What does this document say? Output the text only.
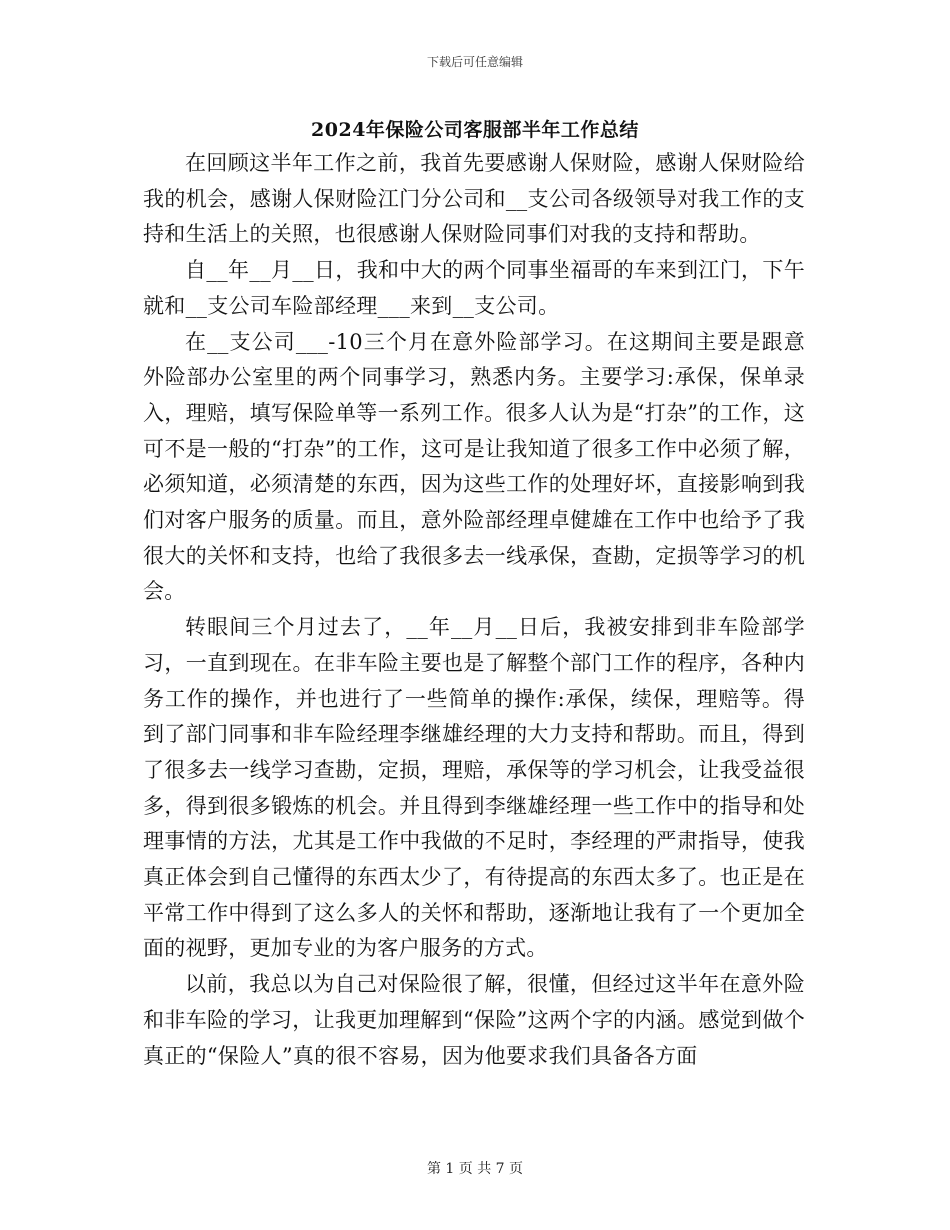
下载后可任意编辑
2024年保险公司客服部半年工作总结

在回顾这半年工作之前，我首先要感谢人保财险，感谢人保财险给我的机会，感谢人保财险江门分公司和__支公司各级领导对我工作的支持和生活上的关照，也很感谢人保财险同事们对我的支持和帮助。

自__年__月__日，我和中大的两个同事坐福哥的车来到江门，下午就和__支公司车险部经理___来到__支公司。

在__支公司___-10三个月在意外险部学习。在这期间主要是跟意外险部办公室里的两个同事学习，熟悉内务。主要学习:承保，保单录入，理赔，填写保险单等一系列工作。很多人认为是“打杂”的工作，这可不是一般的“打杂”的工作，这可是让我知道了很多工作中必须了解，必须知道，必须清楚的东西，因为这些工作的处理好坏，直接影响到我们对客户服务的质量。而且，意外险部经理卓健雄在工作中也给予了我很大的关怀和支持，也给了我很多去一线承保，查勘，定损等学习的机会。

转眼间三个月过去了，__年__月__日后，我被安排到非车险部学习，一直到现在。在非车险主要也是了解整个部门工作的程序，各种内务工作的操作，并也进行了一些简单的操作:承保，续保，理赔等。得到了部门同事和非车险经理李继雄经理的大力支持和帮助。而且，得到了很多去一线学习查勘，定损，理赔，承保等的学习机会，让我受益很多，得到很多锻炼的机会。并且得到李继雄经理一些工作中的指导和处理事情的方法，尤其是工作中我做的不足时，李经理的严肃指导，使我真正体会到自己懂得的东西太少了，有待提高的东西太多了。也正是在平常工作中得到了这么多人的关怀和帮助，逐渐地让我有了一个更加全面的视野，更加专业的为客户服务的方式。

以前，我总以为自己对保险很了解，很懂，但经过这半年在意外险和非车险的学习，让我更加理解到“保险”这两个字的内涵。感觉到做个真正的“保险人”真的很不容易，因为他要求我们具备各方面

第 1 页 共 7 页
